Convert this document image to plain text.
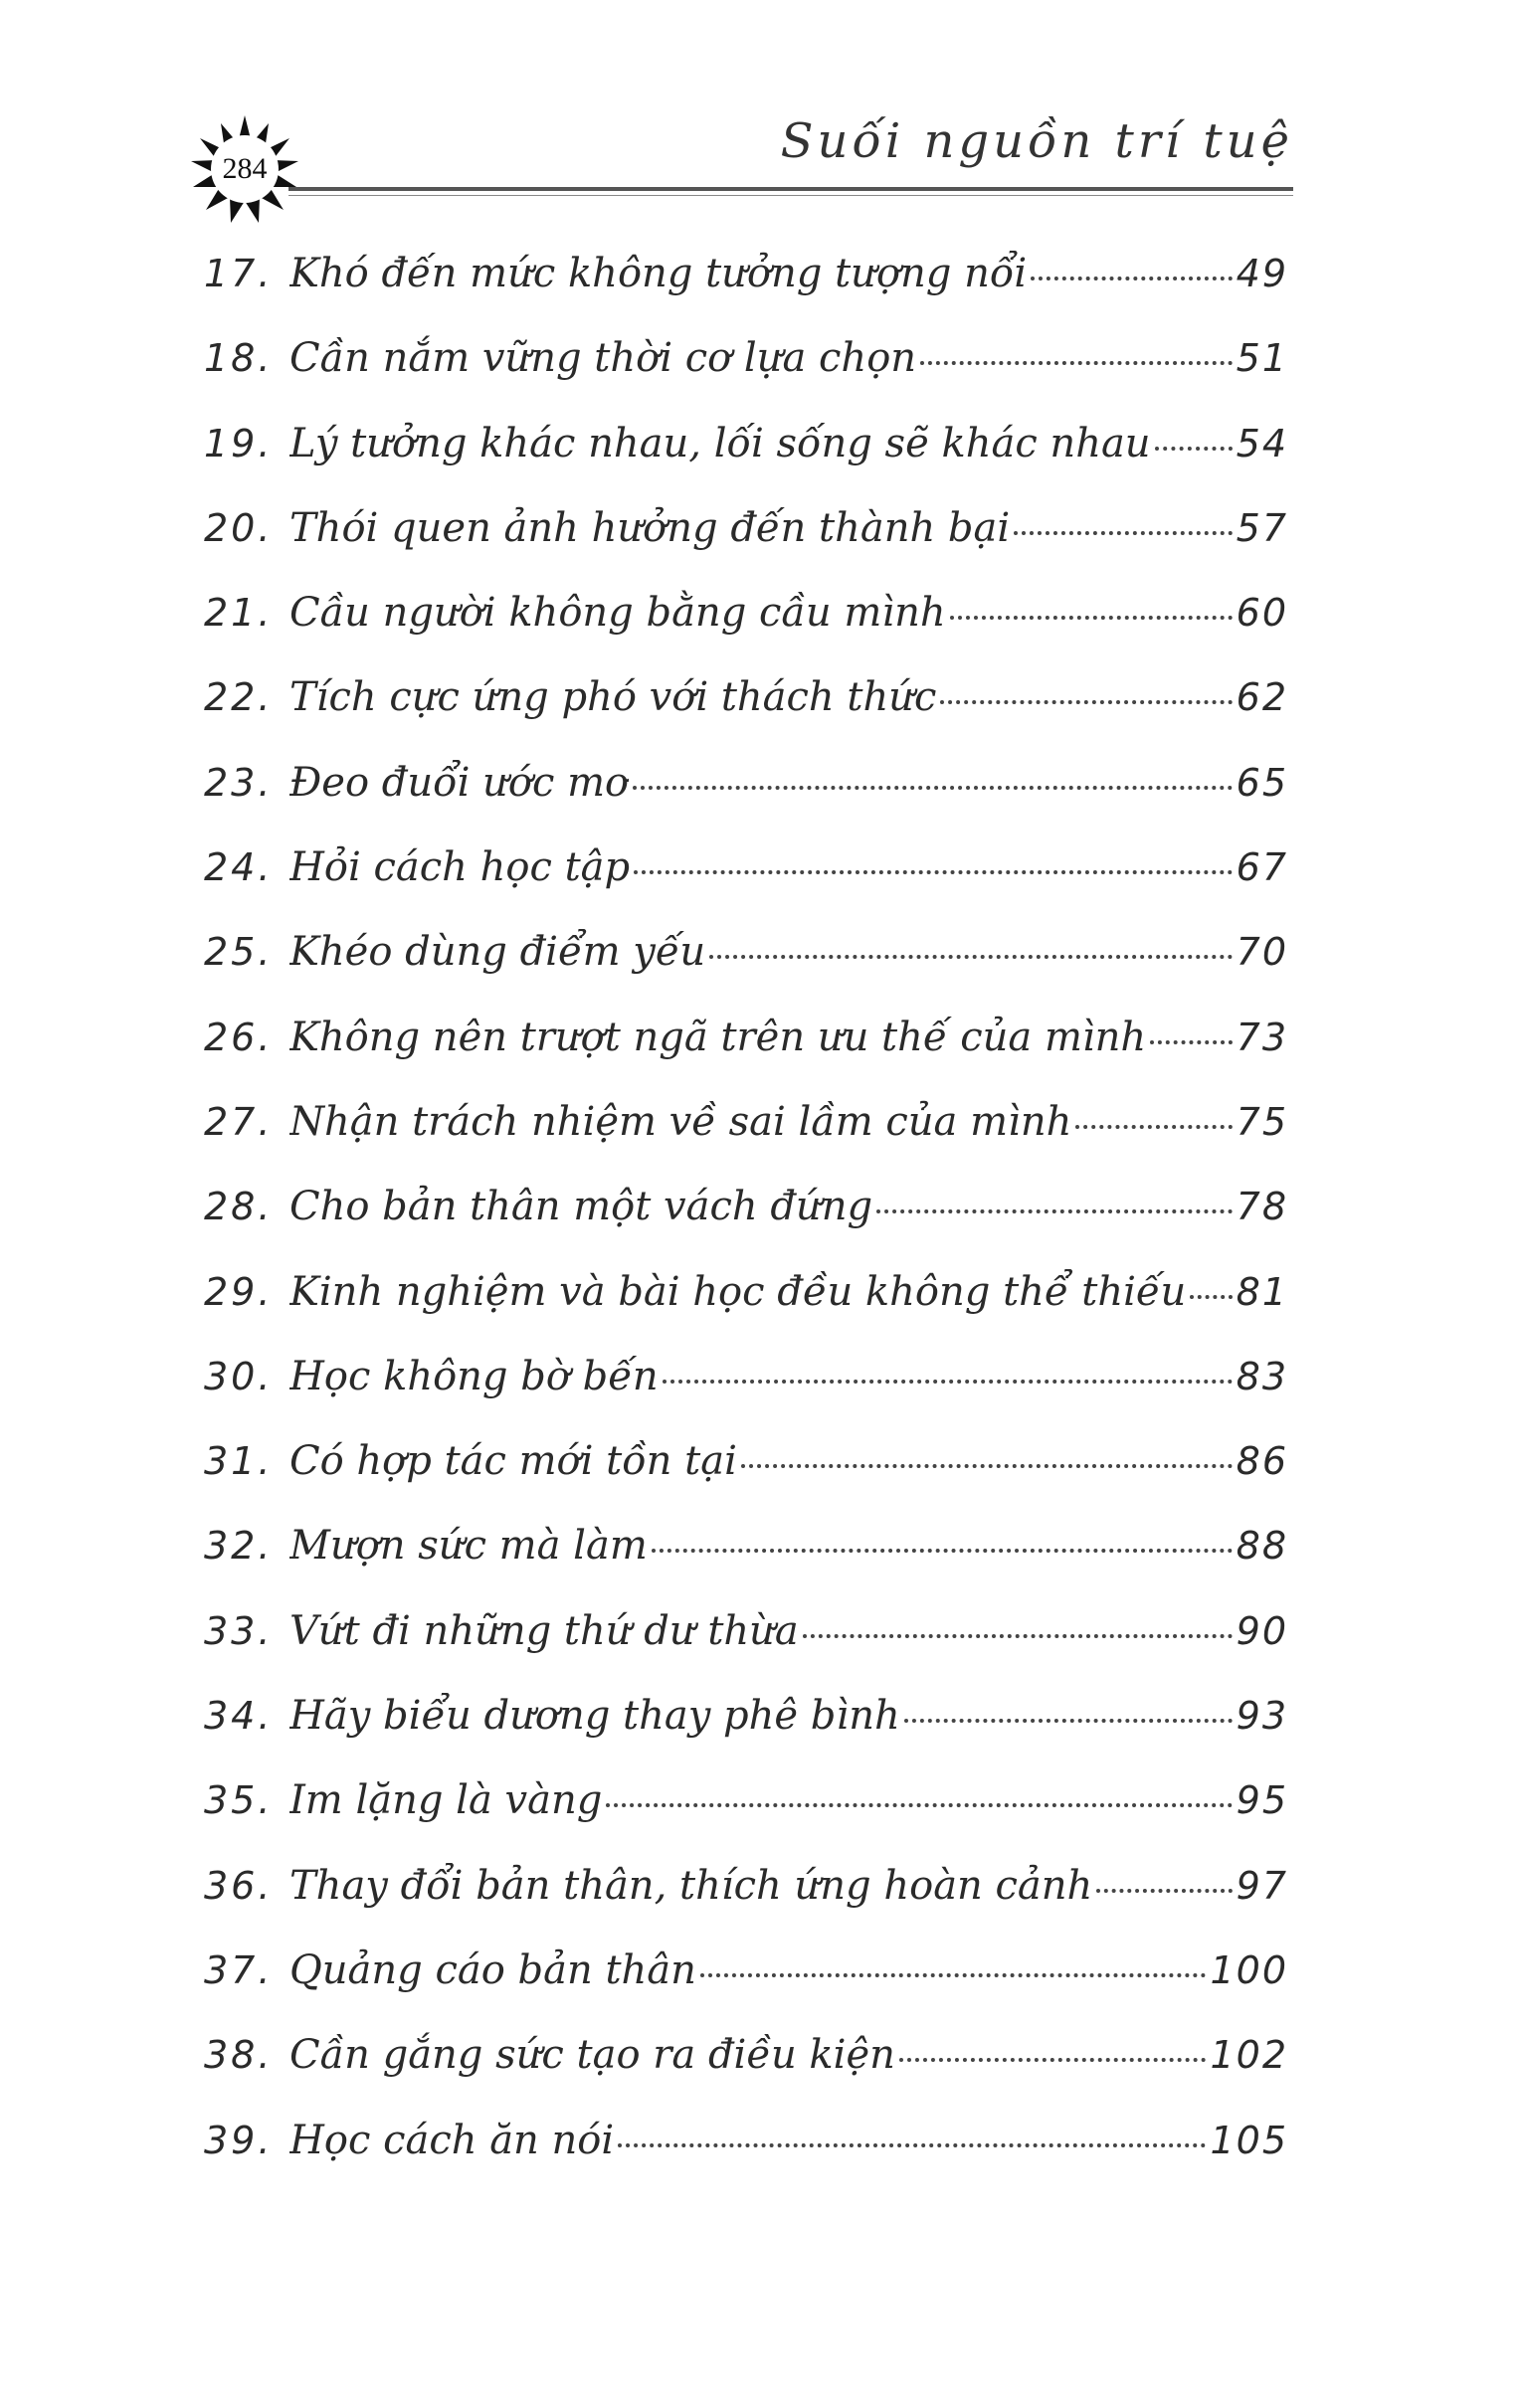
284	Suối nguồn trí tuệ
17. Khó đến mức không tưởng tượng nổi	49
18. Cần nắm vững thời cơ lựa chọn	51
19. Lý tưởng khác nhau, lối sống sẽ khác nhau 54
20. Thói quen ảnh hưởng đến thành bại	57
21. Cầu người không bằng cầu mình	60
22. Tích cực ứng phó với thách thức	62
23. Đeo đuổi ước mơ	65
24. Hỏi cách học tập	67
25. Khéo dùng điểm yếu	70
26. Không nên trượt ngã trên ưu thế của mình 73
27. Nhận trách nhiệm về sai lầm của mình	75
28. Cho bản thân một vách đứng	78
29. Kinh nghiệm và bài học đều không thể thiếu 81
30. Học không bờ bến	83
31. Có hợp tác mới tồn tại	86
32. Mượn sức mà làm	88
33. Vứt đi những thứ dư thừa	90
34. Hãy biểu dương thay phê bình	93
35. Im lặng là vàng	95
36. Thay đổi bản thân, thích ứng hoàn cảnh	97
37. Quảng cáo bản thân	100
38. Cần gắng sức tạo ra điều kiện	102
39. Học cách ăn nói	105
